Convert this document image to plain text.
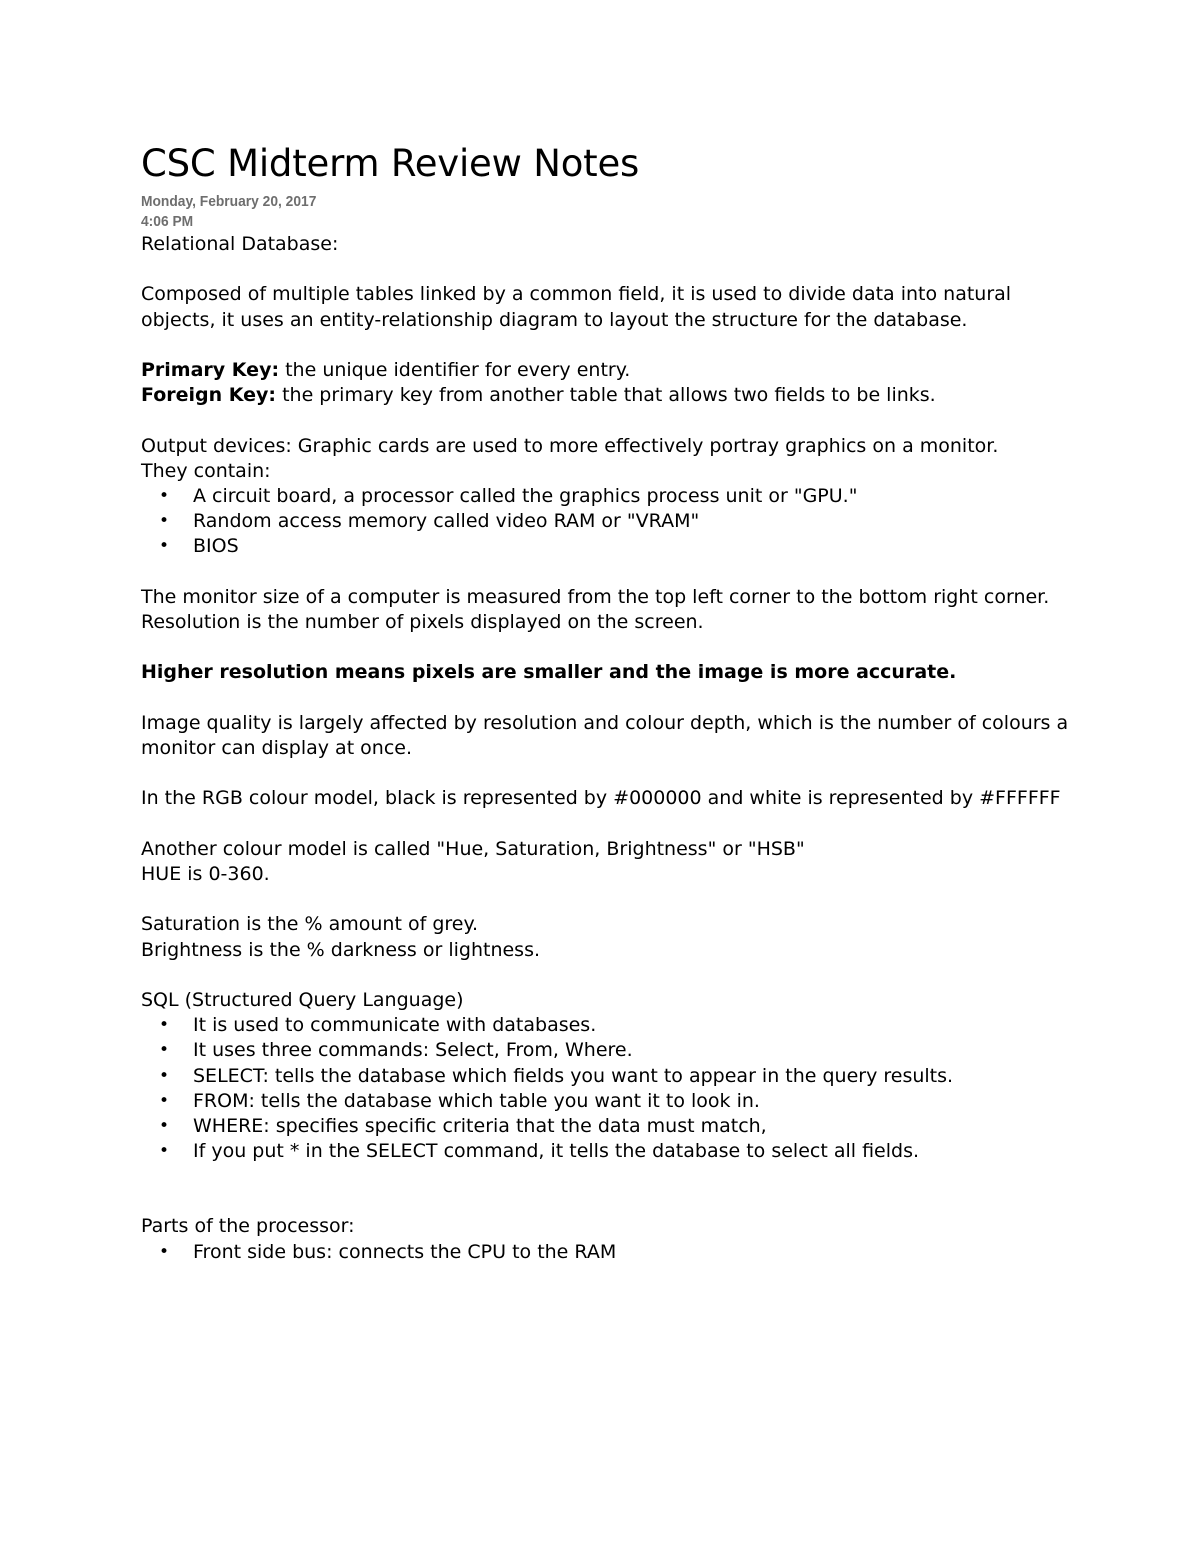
CSC Midterm Review Notes

Monday, February 20, 2017

4:06 PM

Relational Database:

Composed of multiple tables linked by a common field, it is used to divide data into natural objects, it uses an entity-relationship diagram to layout the structure for the database.

Primary Key: the unique identifier for every entry.

Foreign Key: the primary key from another table that allows two fields to be links.

Output devices: Graphic cards are used to more effectively portray graphics on a monitor.

They contain:

• A circuit board, a processor called the graphics process unit or "GPU."
• Random access memory called video RAM or "VRAM"
• BIOS

The monitor size of a computer is measured from the top left corner to the bottom right corner. Resolution is the number of pixels displayed on the screen.

Higher resolution means pixels are smaller and the image is more accurate.

Image quality is largely affected by resolution and colour depth, which is the number of colours a monitor can display at once.

In the RGB colour model, black is represented by #000000 and white is represented by #FFFFFF

Another colour model is called "Hue, Saturation, Brightness" or "HSB"

HUE is 0-360.

Saturation is the % amount of grey.

Brightness is the % darkness or lightness.

SQL (Structured Query Language)

• It is used to communicate with databases.
• It uses three commands: Select, From, Where.
• SELECT: tells the database which fields you want to appear in the query results.
• FROM: tells the database which table you want it to look in.
• WHERE: specifies specific criteria that the data must match,
• If you put * in the SELECT command, it tells the database to select all fields.

Parts of the processor:

• Front side bus: connects the CPU to the RAM
